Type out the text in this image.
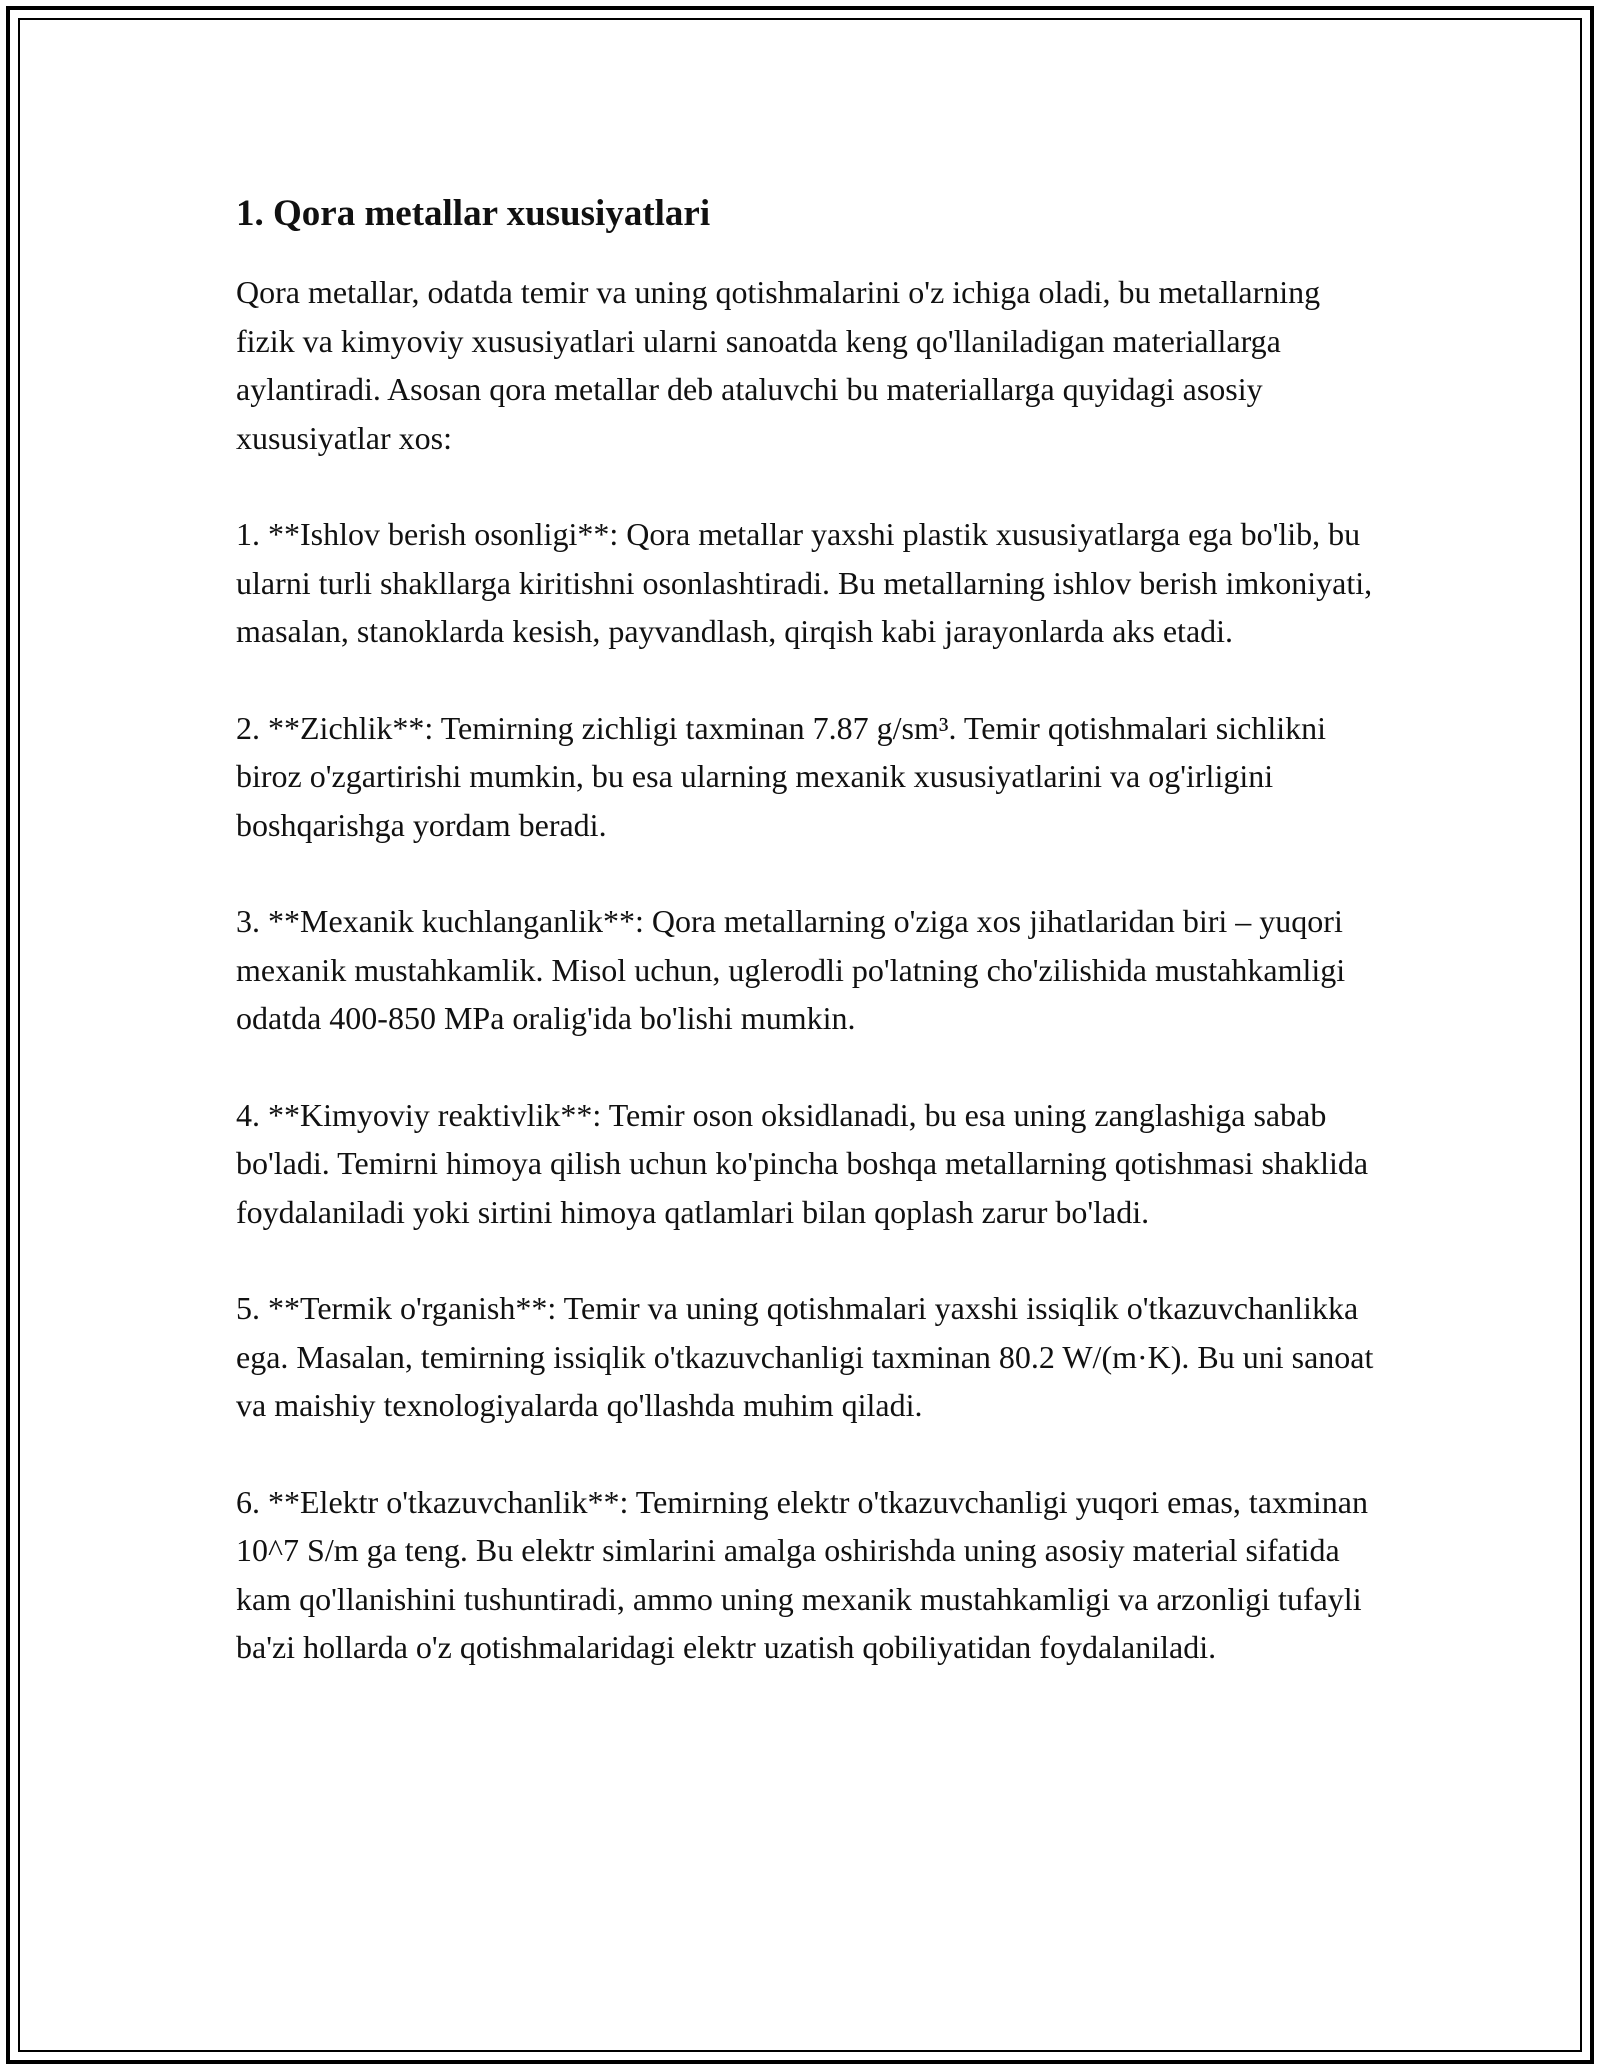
1. Qora metallar xususiyatlari

Qora metallar, odatda temir va uning qotishmalarini o'z ichiga oladi, bu metallarning fizik va kimyoviy xususiyatlari ularni sanoatda keng qo'llaniladigan materiallarga aylantiradi. Asosan qora metallar deb ataluvchi bu materiallarga quyidagi asosiy xususiyatlar xos:

1. **Ishlov berish osonligi**: Qora metallar yaxshi plastik xususiyatlarga ega bo'lib, bu ularni turli shakllarga kiritishni osonlashtiradi. Bu metallarning ishlov berish imkoniyati, masalan, stanoklarda kesish, payvandlash, qirqish kabi jarayonlarda aks etadi.

2. **Zichlik**: Temirning zichligi taxminan 7.87 g/sm³. Temir qotishmalari sichlikni biroz o'zgartirishi mumkin, bu esa ularning mexanik xususiyatlarini va og'irligini boshqarishga yordam beradi.

3. **Mexanik kuchlanganlik**: Qora metallarning o'ziga xos jihatlaridan biri – yuqori mexanik mustahkamlik. Misol uchun, uglerodli po'latning cho'zilishida mustahkamligi odatda 400-850 MPa oralig'ida bo'lishi mumkin.

4. **Kimyoviy reaktivlik**: Temir oson oksidlanadi, bu esa uning zanglashiga sabab bo'ladi. Temirni himoya qilish uchun ko'pincha boshqa metallarning qotishmasi shaklida foydalaniladi yoki sirtini himoya qatlamlari bilan qoplash zarur bo'ladi.

5. **Termik o'rganish**: Temir va uning qotishmalari yaxshi issiqlik o'tkazuvchanlikka ega. Masalan, temirning issiqlik o'tkazuvchanligi taxminan 80.2 W/(m·K). Bu uni sanoat va maishiy texnologiyalarda qo'llashda muhim qiladi.

6. **Elektr o'tkazuvchanlik**: Temirning elektr o'tkazuvchanligi yuqori emas, taxminan 10^7 S/m ga teng. Bu elektr simlarini amalga oshirishda uning asosiy material sifatida kam qo'llanishini tushuntiradi, ammo uning mexanik mustahkamligi va arzonligi tufayli ba'zi hollarda o'z qotishmalaridagi elektr uzatish qobiliyatidan foydalaniladi.
